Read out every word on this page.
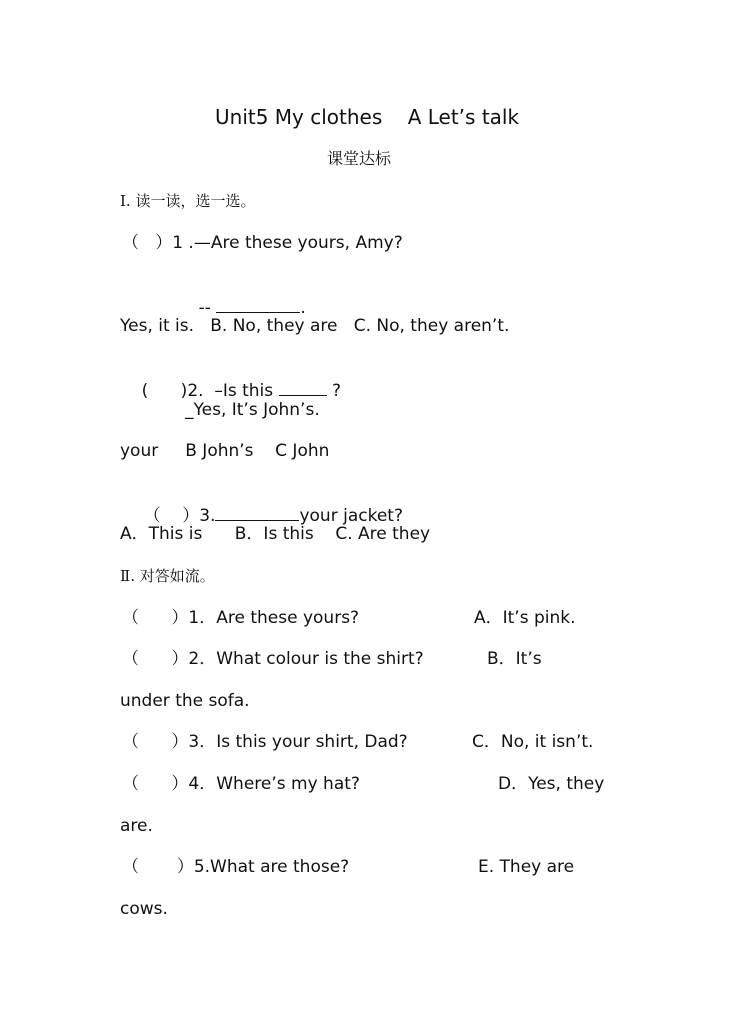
Unit5 My clothes    A Let’s talk
课堂达标
Ⅰ. 读一读，选一选。
（   ）1 .—Are these yours, Amy?

--	.

Yes, it is.   B. No, they are   C. No, they aren’t.

(      )2.  –Is this	?

_Yes, It’s John’s.
your     B John’s    C John

（    ）3.	your jacket?

A．This is      B．Is this    C. Are they
Ⅱ. 对答如流。
（      ）1．Are these yours?	A．It’s pink.
（      ）2．What colour is the shirt?	B．It’s
under the sofa.
（      ）3．Is this your shirt, Dad?	C．No, it isn’t.
（      ）4．Where’s my hat?	D．Yes, they
are.
（       ）5.What are those?	E. They are
cows.
